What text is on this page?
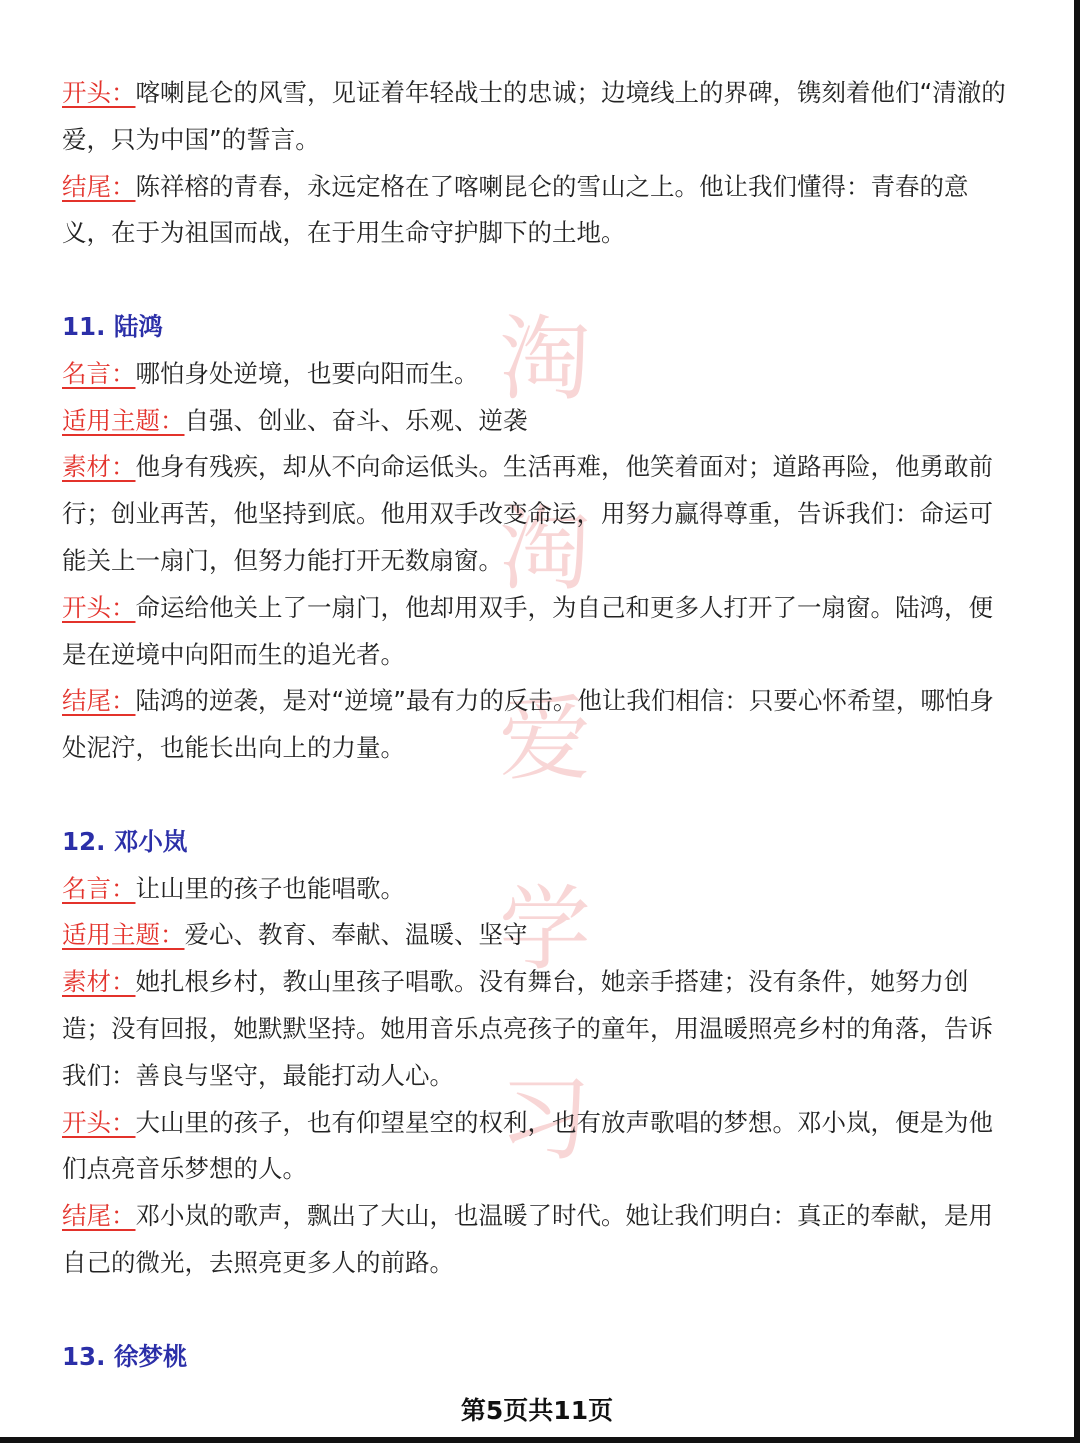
淘
淘
爱
学
习

开头：喀喇昆仑的风雪，见证着年轻战士的忠诚；边境线上的界碑，镌刻着他们“清澈的爱，只为中国”的誓言。

结尾：陈祥榕的青春，永远定格在了喀喇昆仑的雪山之上。他让我们懂得：青春的意义，在于为祖国而战，在于用生命守护脚下的土地。

11. 陆鸿

名言：哪怕身处逆境，也要向阳而生。

适用主题：自强、创业、奋斗、乐观、逆袭

素材：他身有残疾，却从不向命运低头。生活再难，他笑着面对；道路再险，他勇敢前行；创业再苦，他坚持到底。他用双手改变命运，用努力赢得尊重，告诉我们：命运可能关上一扇门，但努力能打开无数扇窗。

开头：命运给他关上了一扇门，他却用双手，为自己和更多人打开了一扇窗。陆鸿，便是在逆境中向阳而生的追光者。

结尾：陆鸿的逆袭，是对“逆境”最有力的反击。他让我们相信：只要心怀希望，哪怕身处泥泞，也能长出向上的力量。

12. 邓小岚

名言：让山里的孩子也能唱歌。

适用主题：爱心、教育、奉献、温暖、坚守

素材：她扎根乡村，教山里孩子唱歌。没有舞台，她亲手搭建；没有条件，她努力创造；没有回报，她默默坚持。她用音乐点亮孩子的童年，用温暖照亮乡村的角落，告诉我们：善良与坚守，最能打动人心。

开头：大山里的孩子，也有仰望星空的权利，也有放声歌唱的梦想。邓小岚，便是为他们点亮音乐梦想的人。

结尾：邓小岚的歌声，飘出了大山，也温暖了时代。她让我们明白：真正的奉献，是用自己的微光，去照亮更多人的前路。

13. 徐梦桃

第5页共11页
